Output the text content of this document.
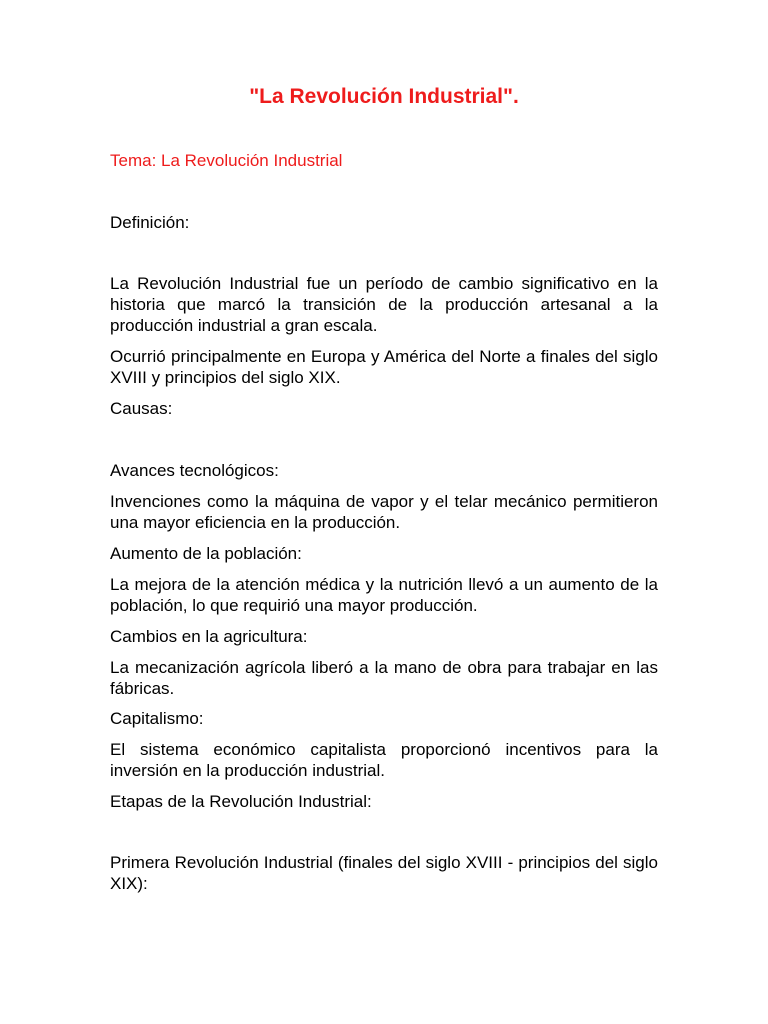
"La Revolución Industrial".
Tema: La Revolución Industrial

Definición:

La Revolución Industrial fue un período de cambio significativo en la historia que marcó la transición de la producción artesanal a la producción industrial a gran escala.

Ocurrió principalmente en Europa y América del Norte a finales del siglo XVIII y principios del siglo XIX.

Causas:

Avances tecnológicos:

Invenciones como la máquina de vapor y el telar mecánico permitieron una mayor eficiencia en la producción.

Aumento de la población:

La mejora de la atención médica y la nutrición llevó a un aumento de la población, lo que requirió una mayor producción.

Cambios en la agricultura:

La mecanización agrícola liberó a la mano de obra para trabajar en las fábricas.

Capitalismo:

El sistema económico capitalista proporcionó incentivos para la inversión en la producción industrial.

Etapas de la Revolución Industrial:

Primera Revolución Industrial (finales del siglo XVIII - principios del siglo XIX):
